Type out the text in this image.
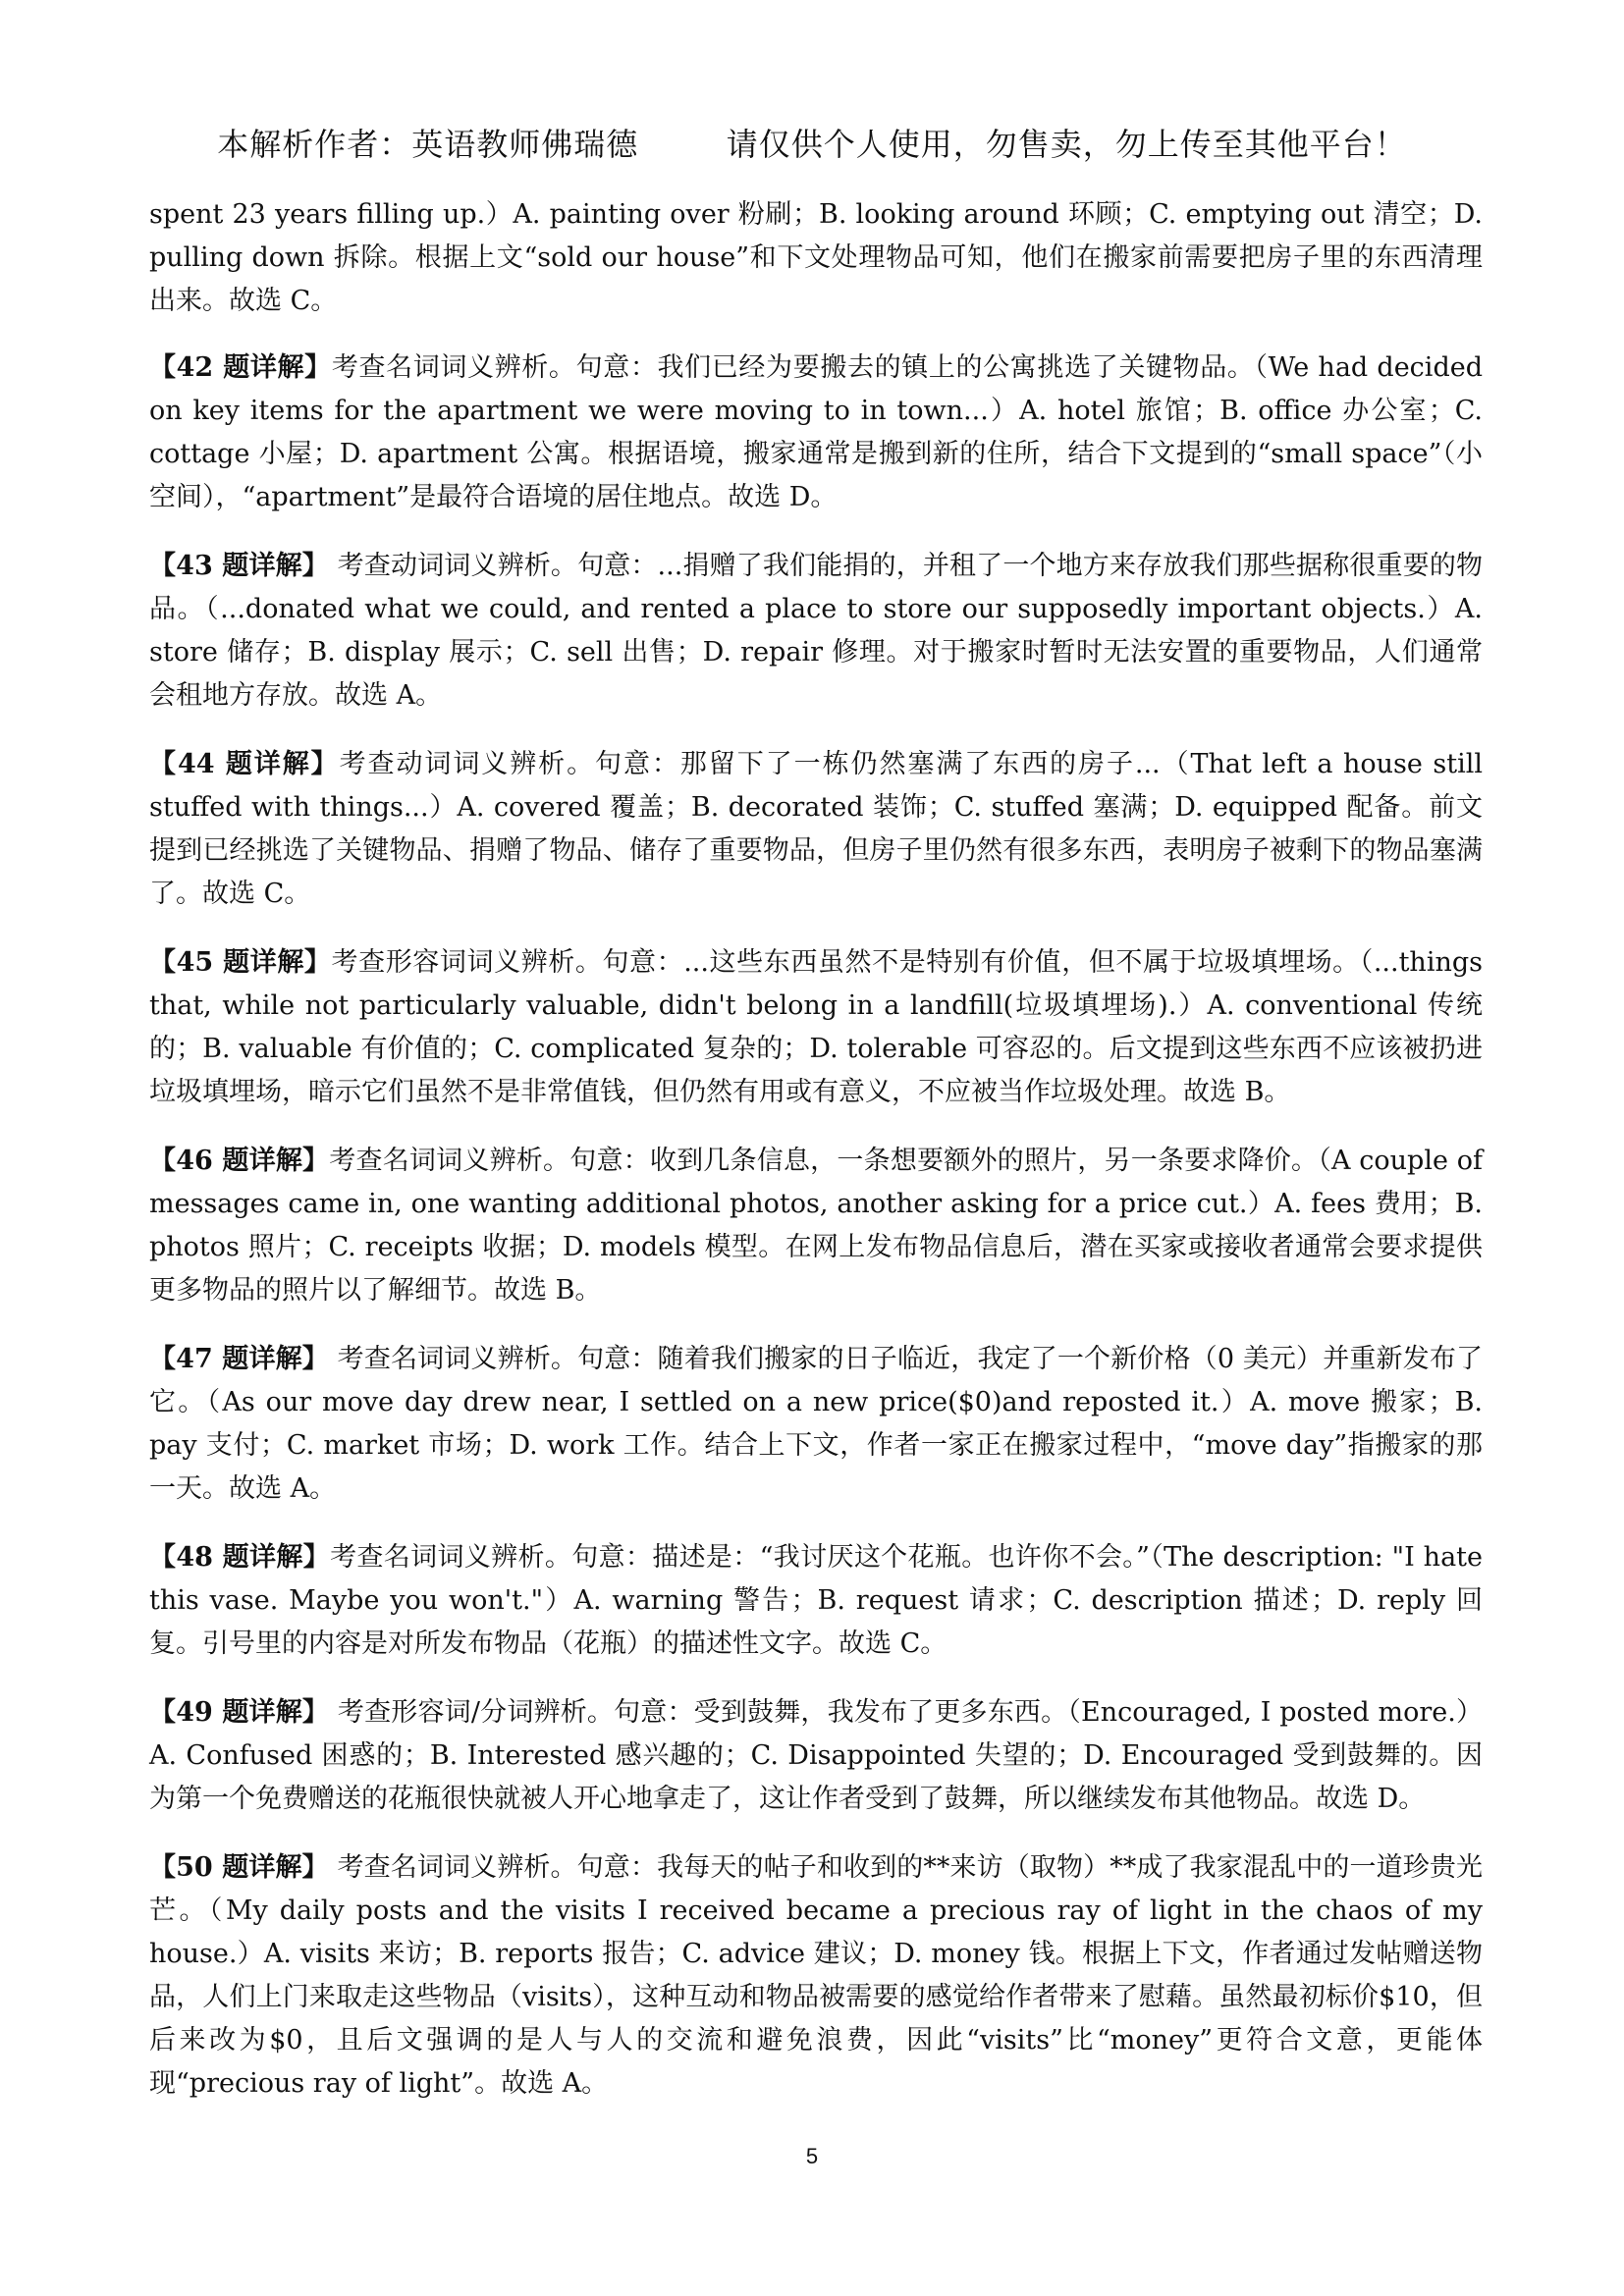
本解析作者：英语教师佛瑞德	请仅供个人使用，勿售卖，勿上传至其他平台！

spent 23 years filling up.）A. painting over 粉刷；B. looking around 环顾；C. emptying out 清空；D. pulling down 拆除。根据上文“sold our house”和下文处理物品可知，他们在搬家前需要把房子里的东西清理出来。故选 C。

【42 题详解】考查名词词义辨析。句意：我们已经为要搬去的镇上的公寓挑选了关键物品。（We had decided on key items for the apartment we were moving to in town...）A. hotel 旅馆；B. office 办公室；C. cottage 小屋；D. apartment 公寓。根据语境，搬家通常是搬到新的住所，结合下文提到的“small space”（小空间），“apartment”是最符合语境的居住地点。故选 D。

【43 题详解】 考查动词词义辨析。句意：...捐赠了我们能捐的，并租了一个地方来存放我们那些据称很重要的物品。（...donated what we could, and rented a place to store our supposedly important objects.）A. store 储存；B. display 展示；C. sell 出售；D. repair 修理。对于搬家时暂时无法安置的重要物品，人们通常会租地方存放。故选 A。

【44 题详解】考查动词词义辨析。句意：那留下了一栋仍然塞满了东西的房子...（That left a house still stuffed with things...）A. covered 覆盖；B. decorated 装饰；C. stuffed 塞满；D. equipped 配备。前文提到已经挑选了关键物品、捐赠了物品、储存了重要物品，但房子里仍然有很多东西，表明房子被剩下的物品塞满了。故选 C。

【45 题详解】考查形容词词义辨析。句意：...这些东西虽然不是特别有价值，但不属于垃圾填埋场。（...things that, while not particularly valuable, didn't belong in a landfill(垃圾填埋场).）A. conventional 传统的；B. valuable 有价值的；C. complicated 复杂的；D. tolerable 可容忍的。后文提到这些东西不应该被扔进垃圾填埋场，暗示它们虽然不是非常值钱，但仍然有用或有意义，不应被当作垃圾处理。故选 B。

【46 题详解】考查名词词义辨析。句意：收到几条信息，一条想要额外的照片，另一条要求降价。（A couple of messages came in, one wanting additional photos, another asking for a price cut.）A. fees 费用；B. photos 照片；C. receipts 收据；D. models 模型。在网上发布物品信息后，潜在买家或接收者通常会要求提供更多物品的照片以了解细节。故选 B。

【47 题详解】 考查名词词义辨析。句意：随着我们搬家的日子临近，我定了一个新价格（0 美元）并重新发布了它。（As our move day drew near, I settled on a new price($0)and reposted it.）A. move 搬家；B. pay 支付；C. market 市场；D. work 工作。结合上下文，作者一家正在搬家过程中，“move day”指搬家的那一天。故选 A。

【48 题详解】考查名词词义辨析。句意：描述是：“我讨厌这个花瓶。也许你不会。”（The description: "I hate this vase. Maybe you won't."）A. warning 警告；B. request 请求；C. description 描述；D. reply 回复。引号里的内容是对所发布物品（花瓶）的描述性文字。故选 C。

【49 题详解】 考查形容词/分词辨析。句意：受到鼓舞，我发布了更多东西。（Encouraged, I posted more.）A. Confused 困惑的；B. Interested 感兴趣的；C. Disappointed 失望的；D. Encouraged 受到鼓舞的。因为第一个免费赠送的花瓶很快就被人开心地拿走了，这让作者受到了鼓舞，所以继续发布其他物品。故选 D。

【50 题详解】 考查名词词义辨析。句意：我每天的帖子和收到的**来访（取物）**成了我家混乱中的一道珍贵光芒。（My daily posts and the visits I received became a precious ray of light in the chaos of my house.）A. visits 来访；B. reports 报告；C. advice 建议；D. money 钱。根据上下文，作者通过发帖赠送物品，人们上门来取走这些物品（visits），这种互动和物品被需要的感觉给作者带来了慰藉。虽然最初标价$10，但后来改为$0，且后文强调的是人与人的交流和避免浪费，因此“visits”比“money”更符合文意，更能体现“precious ray of light”。故选 A。

5
